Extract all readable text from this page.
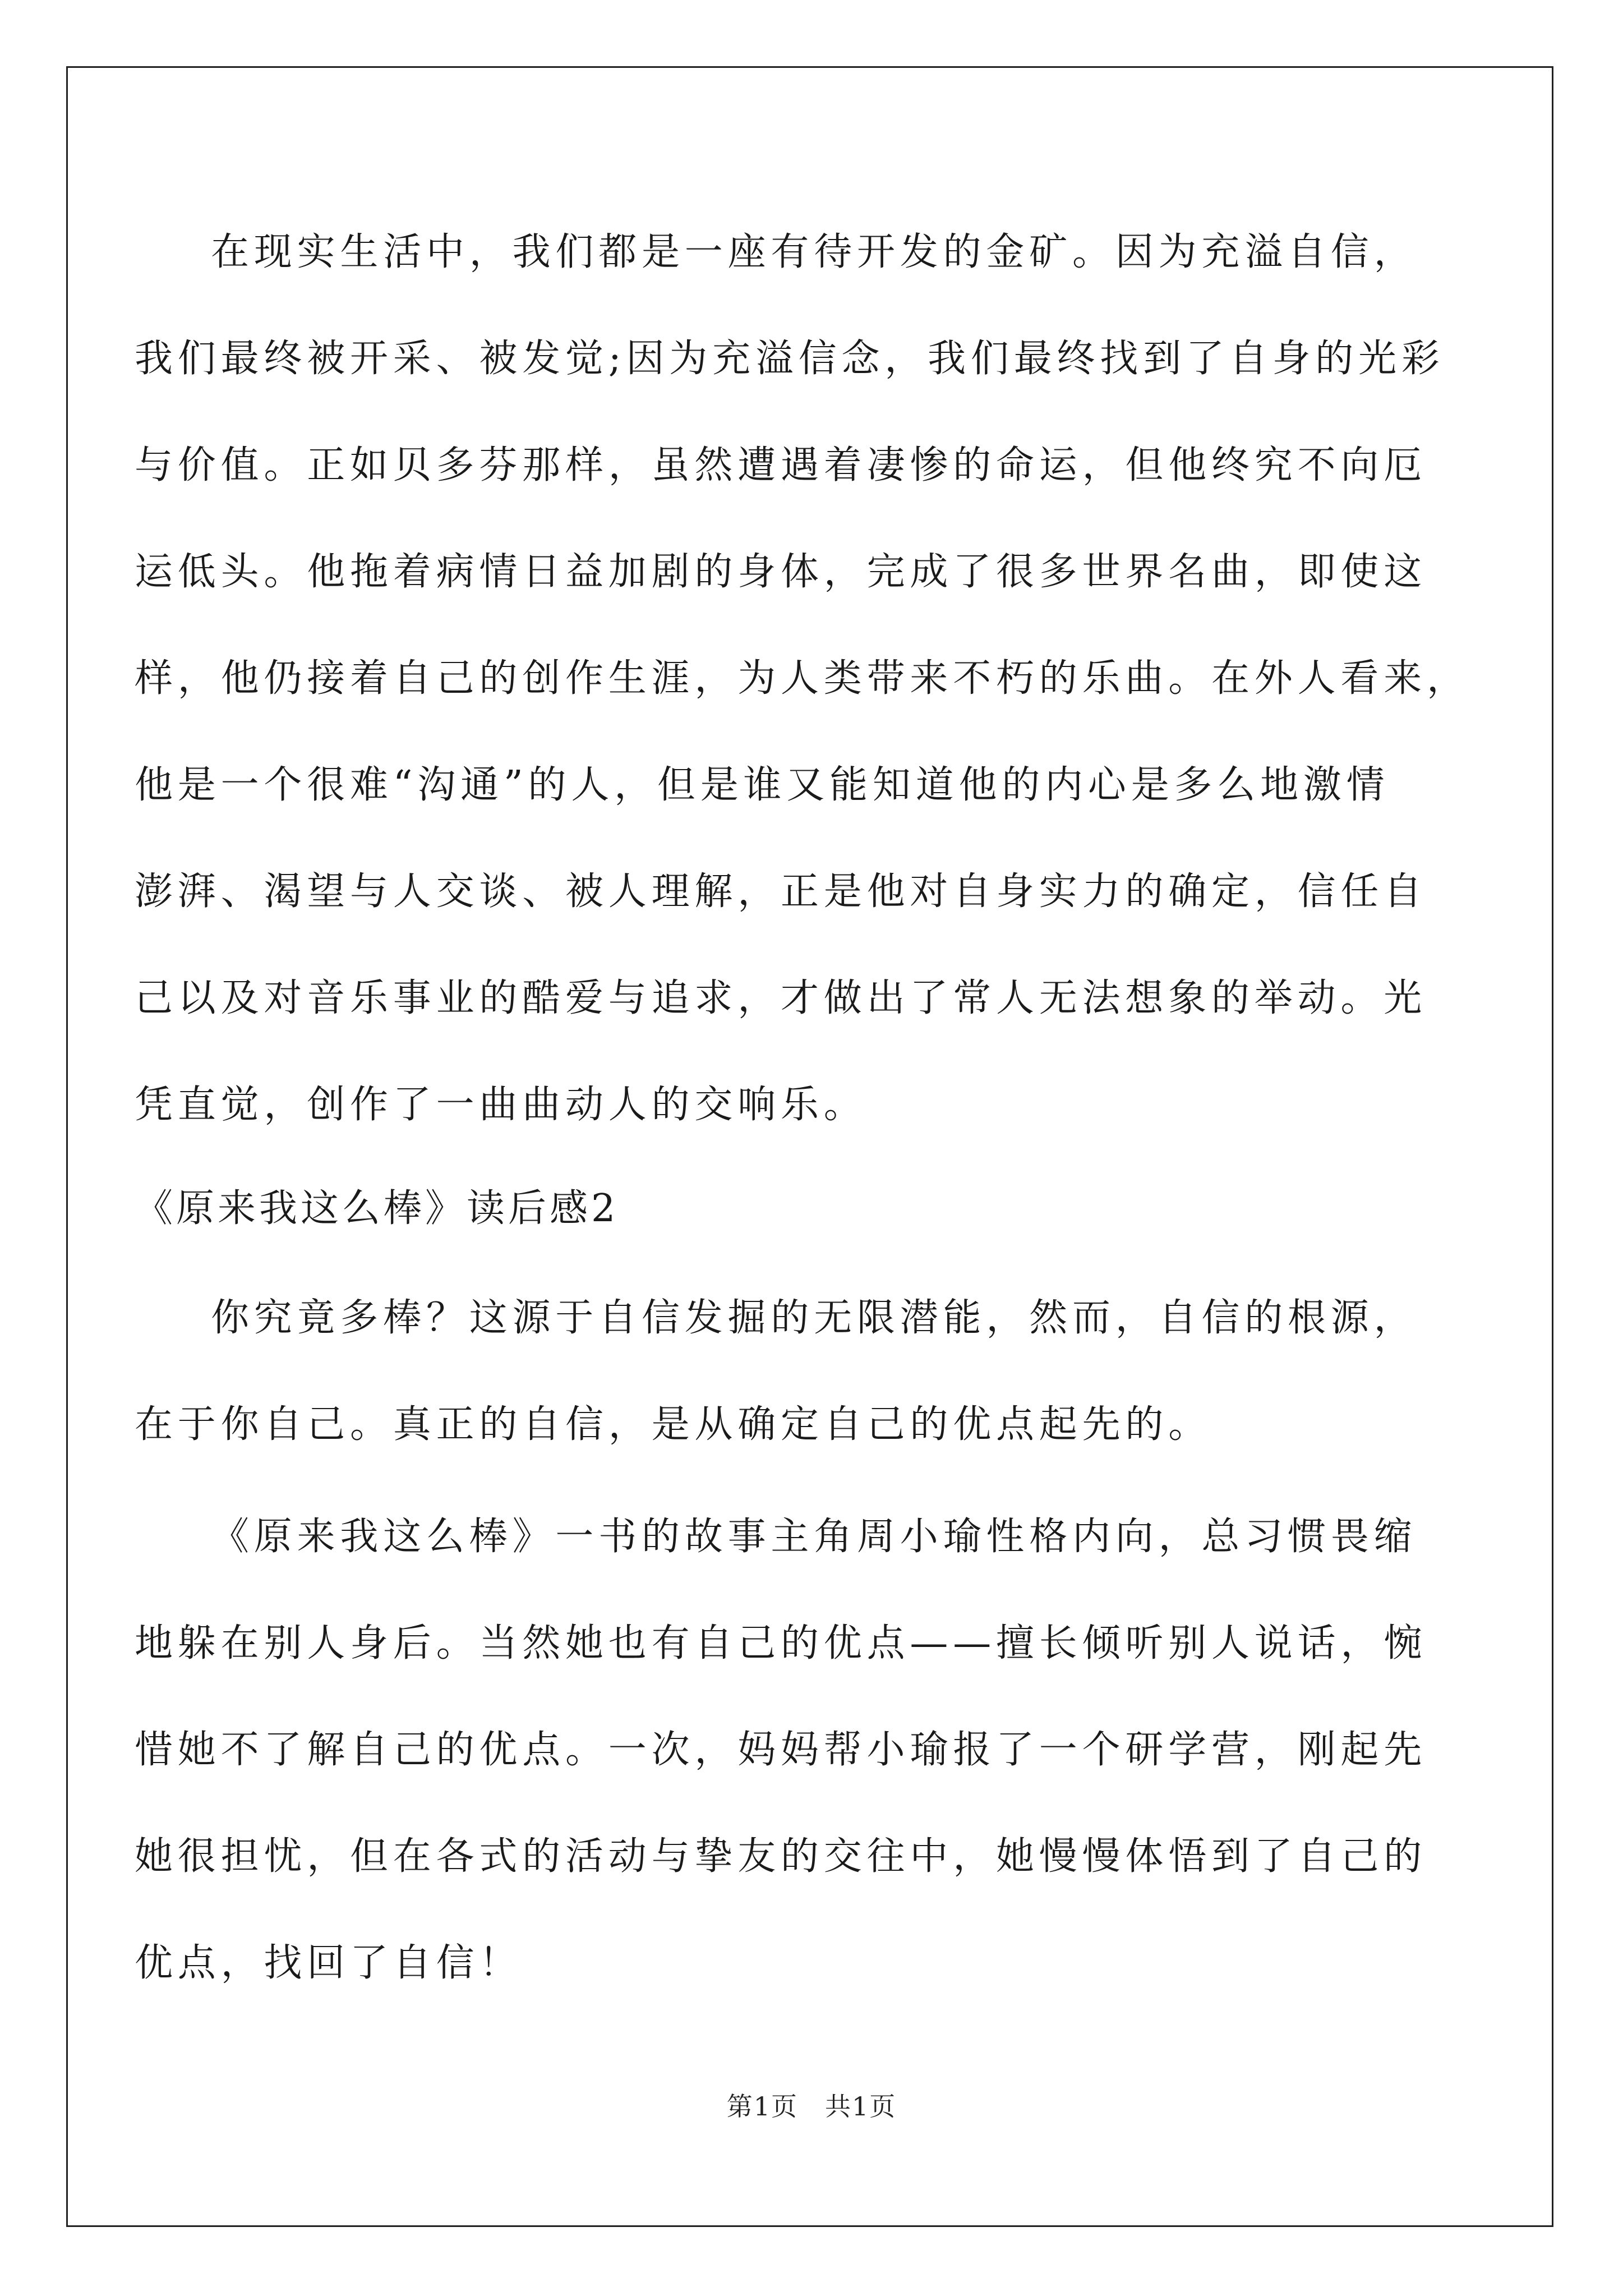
在现实生活中，我们都是一座有待开发的金矿。因为充溢自信，
我们最终被开采、被发觉;因为充溢信念，我们最终找到了自身的光彩
与价值。正如贝多芬那样，虽然遭遇着凄惨的命运，但他终究不向厄
运低头。他拖着病情日益加剧的身体，完成了很多世界名曲，即使这
样，他仍接着自己的创作生涯，为人类带来不朽的乐曲。在外人看来，
他是一个很难“沟通”的人，但是谁又能知道他的内心是多么地激情
澎湃、渴望与人交谈、被人理解，正是他对自身实力的确定，信任自
己以及对音乐事业的酷爱与追求，才做出了常人无法想象的举动。光
凭直觉，创作了一曲曲动人的交响乐。
《原来我这么棒》读后感2
你究竟多棒？这源于自信发掘的无限潜能，然而，自信的根源，
在于你自己。真正的自信，是从确定自己的优点起先的。
《原来我这么棒》一书的故事主角周小瑜性格内向，总习惯畏缩
地躲在别人身后。当然她也有自己的优点——擅长倾听别人说话，惋
惜她不了解自己的优点。一次，妈妈帮小瑜报了一个研学营，刚起先
她很担忧，但在各式的活动与挚友的交往中，她慢慢体悟到了自己的
优点，找回了自信！
第1页　共1页
